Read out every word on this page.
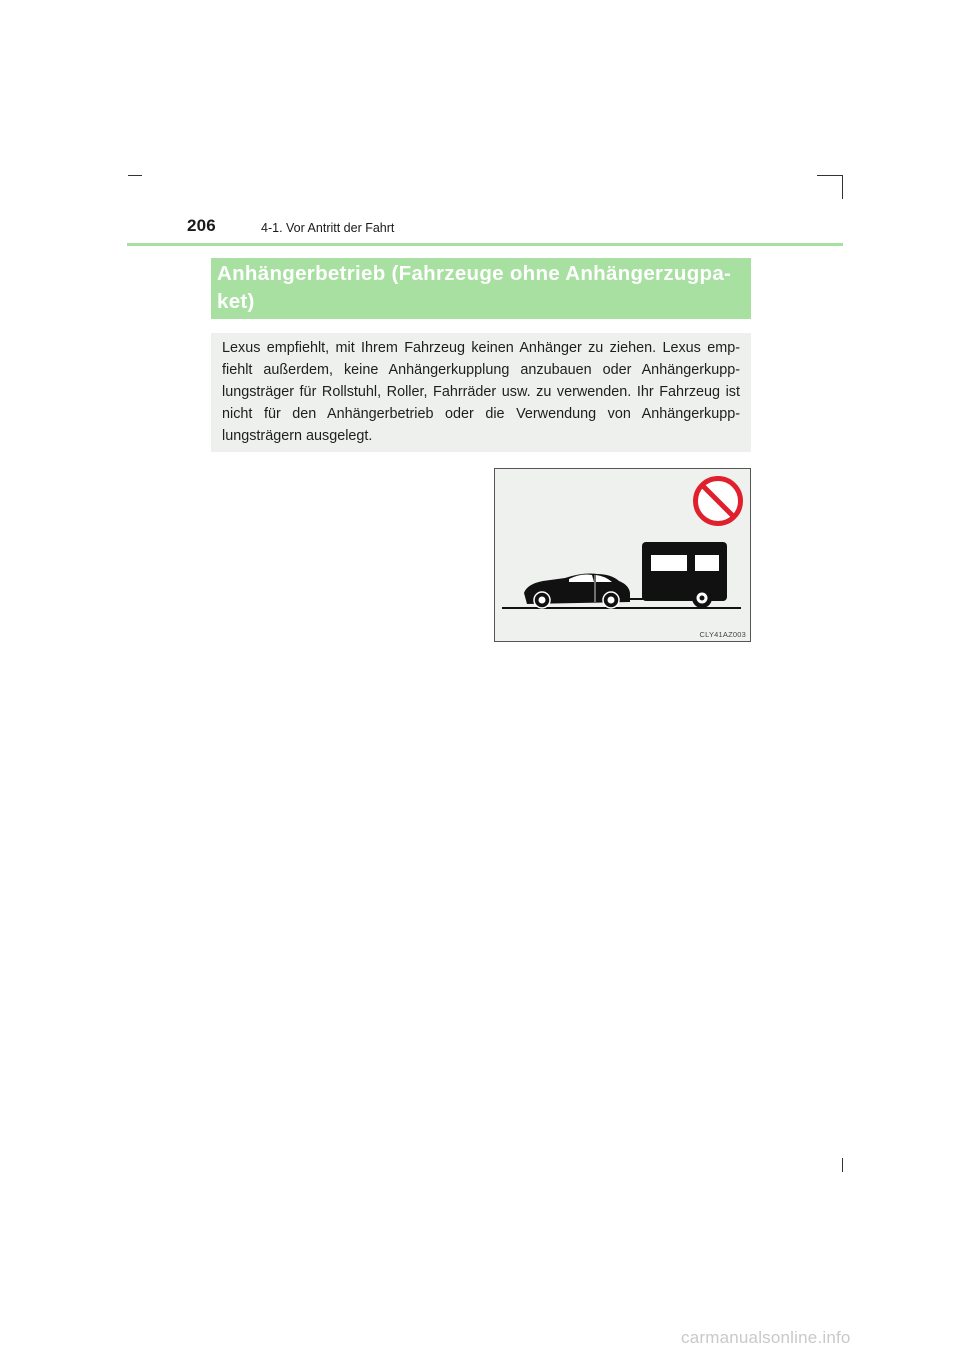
206	4-1. Vor Antritt der Fahrt
Anhängerbetrieb (Fahrzeuge ohne Anhängerzugpa-ket)

Lexus empfiehlt, mit Ihrem Fahrzeug keinen Anhänger zu ziehen. Lexus emp-fiehlt außerdem, keine Anhängerkupplung anzubauen oder Anhängerkupp-lungsträger für Rollstuhl, Roller, Fahrräder usw. zu verwenden. Ihr Fahrzeug ist nicht für den Anhängerbetrieb oder die Verwendung von Anhängerkupp-lungsträgern ausgelegt.

CLY41AZ003
carmanualsonline.info
